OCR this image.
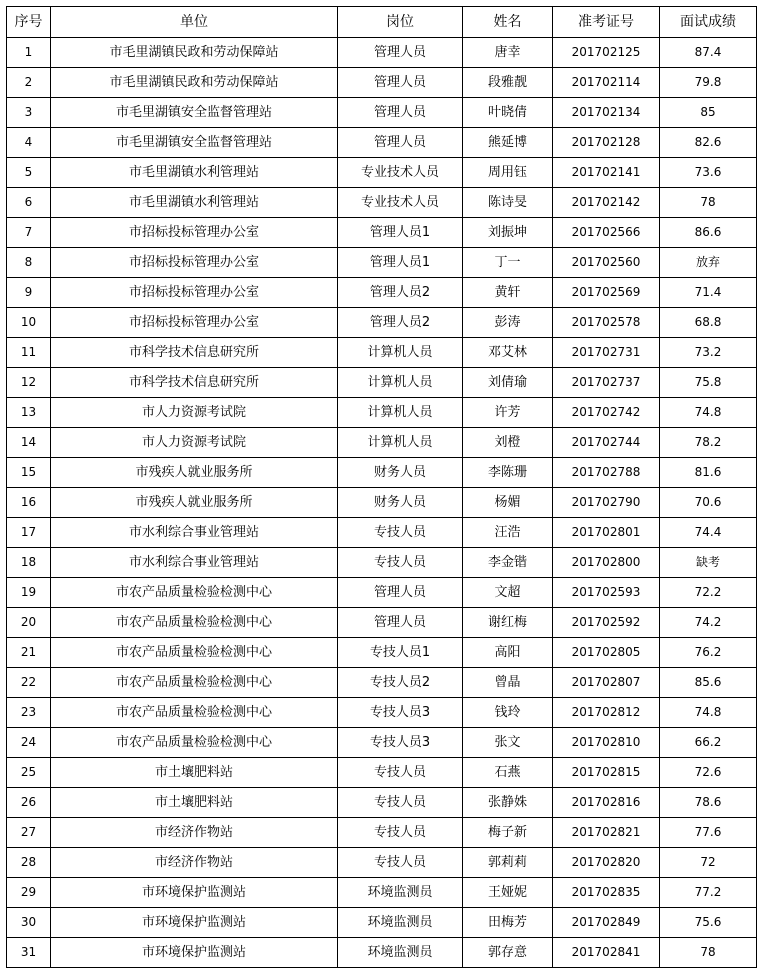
序号	单位	岗位	姓名	准考证号	面试成绩
1	市毛里湖镇民政和劳动保障站	管理人员	唐幸	201702125	87.4
2	市毛里湖镇民政和劳动保障站	管理人员	段雅靓	201702114	79.8
3	市毛里湖镇安全监督管理站	管理人员	叶晓倩	201702134	85
4	市毛里湖镇安全监督管理站	管理人员	熊延博	201702128	82.6
5	市毛里湖镇水利管理站	专业技术人员	周用钰	201702141	73.6
6	市毛里湖镇水利管理站	专业技术人员	陈诗旻	201702142	78
7	市招标投标管理办公室	管理人员1	刘振坤	201702566	86.6
8	市招标投标管理办公室	管理人员1	丁一	201702560	放弃
9	市招标投标管理办公室	管理人员2	黄轩	201702569	71.4
10	市招标投标管理办公室	管理人员2	彭涛	201702578	68.8
11	市科学技术信息研究所	计算机人员	邓艾林	201702731	73.2
12	市科学技术信息研究所	计算机人员	刘倩瑜	201702737	75.8
13	市人力资源考试院	计算机人员	许芳	201702742	74.8
14	市人力资源考试院	计算机人员	刘橙	201702744	78.2
15	市残疾人就业服务所	财务人员	李陈珊	201702788	81.6
16	市残疾人就业服务所	财务人员	杨媚	201702790	70.6
17	市水利综合事业管理站	专技人员	汪浩	201702801	74.4
18	市水利综合事业管理站	专技人员	李金锴	201702800	缺考
19	市农产品质量检验检测中心	管理人员	文超	201702593	72.2
20	市农产品质量检验检测中心	管理人员	谢红梅	201702592	74.2
21	市农产品质量检验检测中心	专技人员1	高阳	201702805	76.2
22	市农产品质量检验检测中心	专技人员2	曾晶	201702807	85.6
23	市农产品质量检验检测中心	专技人员3	钱玲	201702812	74.8
24	市农产品质量检验检测中心	专技人员3	张文	201702810	66.2
25	市土壤肥料站	专技人员	石燕	201702815	72.6
26	市土壤肥料站	专技人员	张静姝	201702816	78.6
27	市经济作物站	专技人员	梅子新	201702821	77.6
28	市经济作物站	专技人员	郭莉莉	201702820	72
29	市环境保护监测站	环境监测员	王娅妮	201702835	77.2
30	市环境保护监测站	环境监测员	田梅芳	201702849	75.6
31	市环境保护监测站	环境监测员	郭存意	201702841	78
